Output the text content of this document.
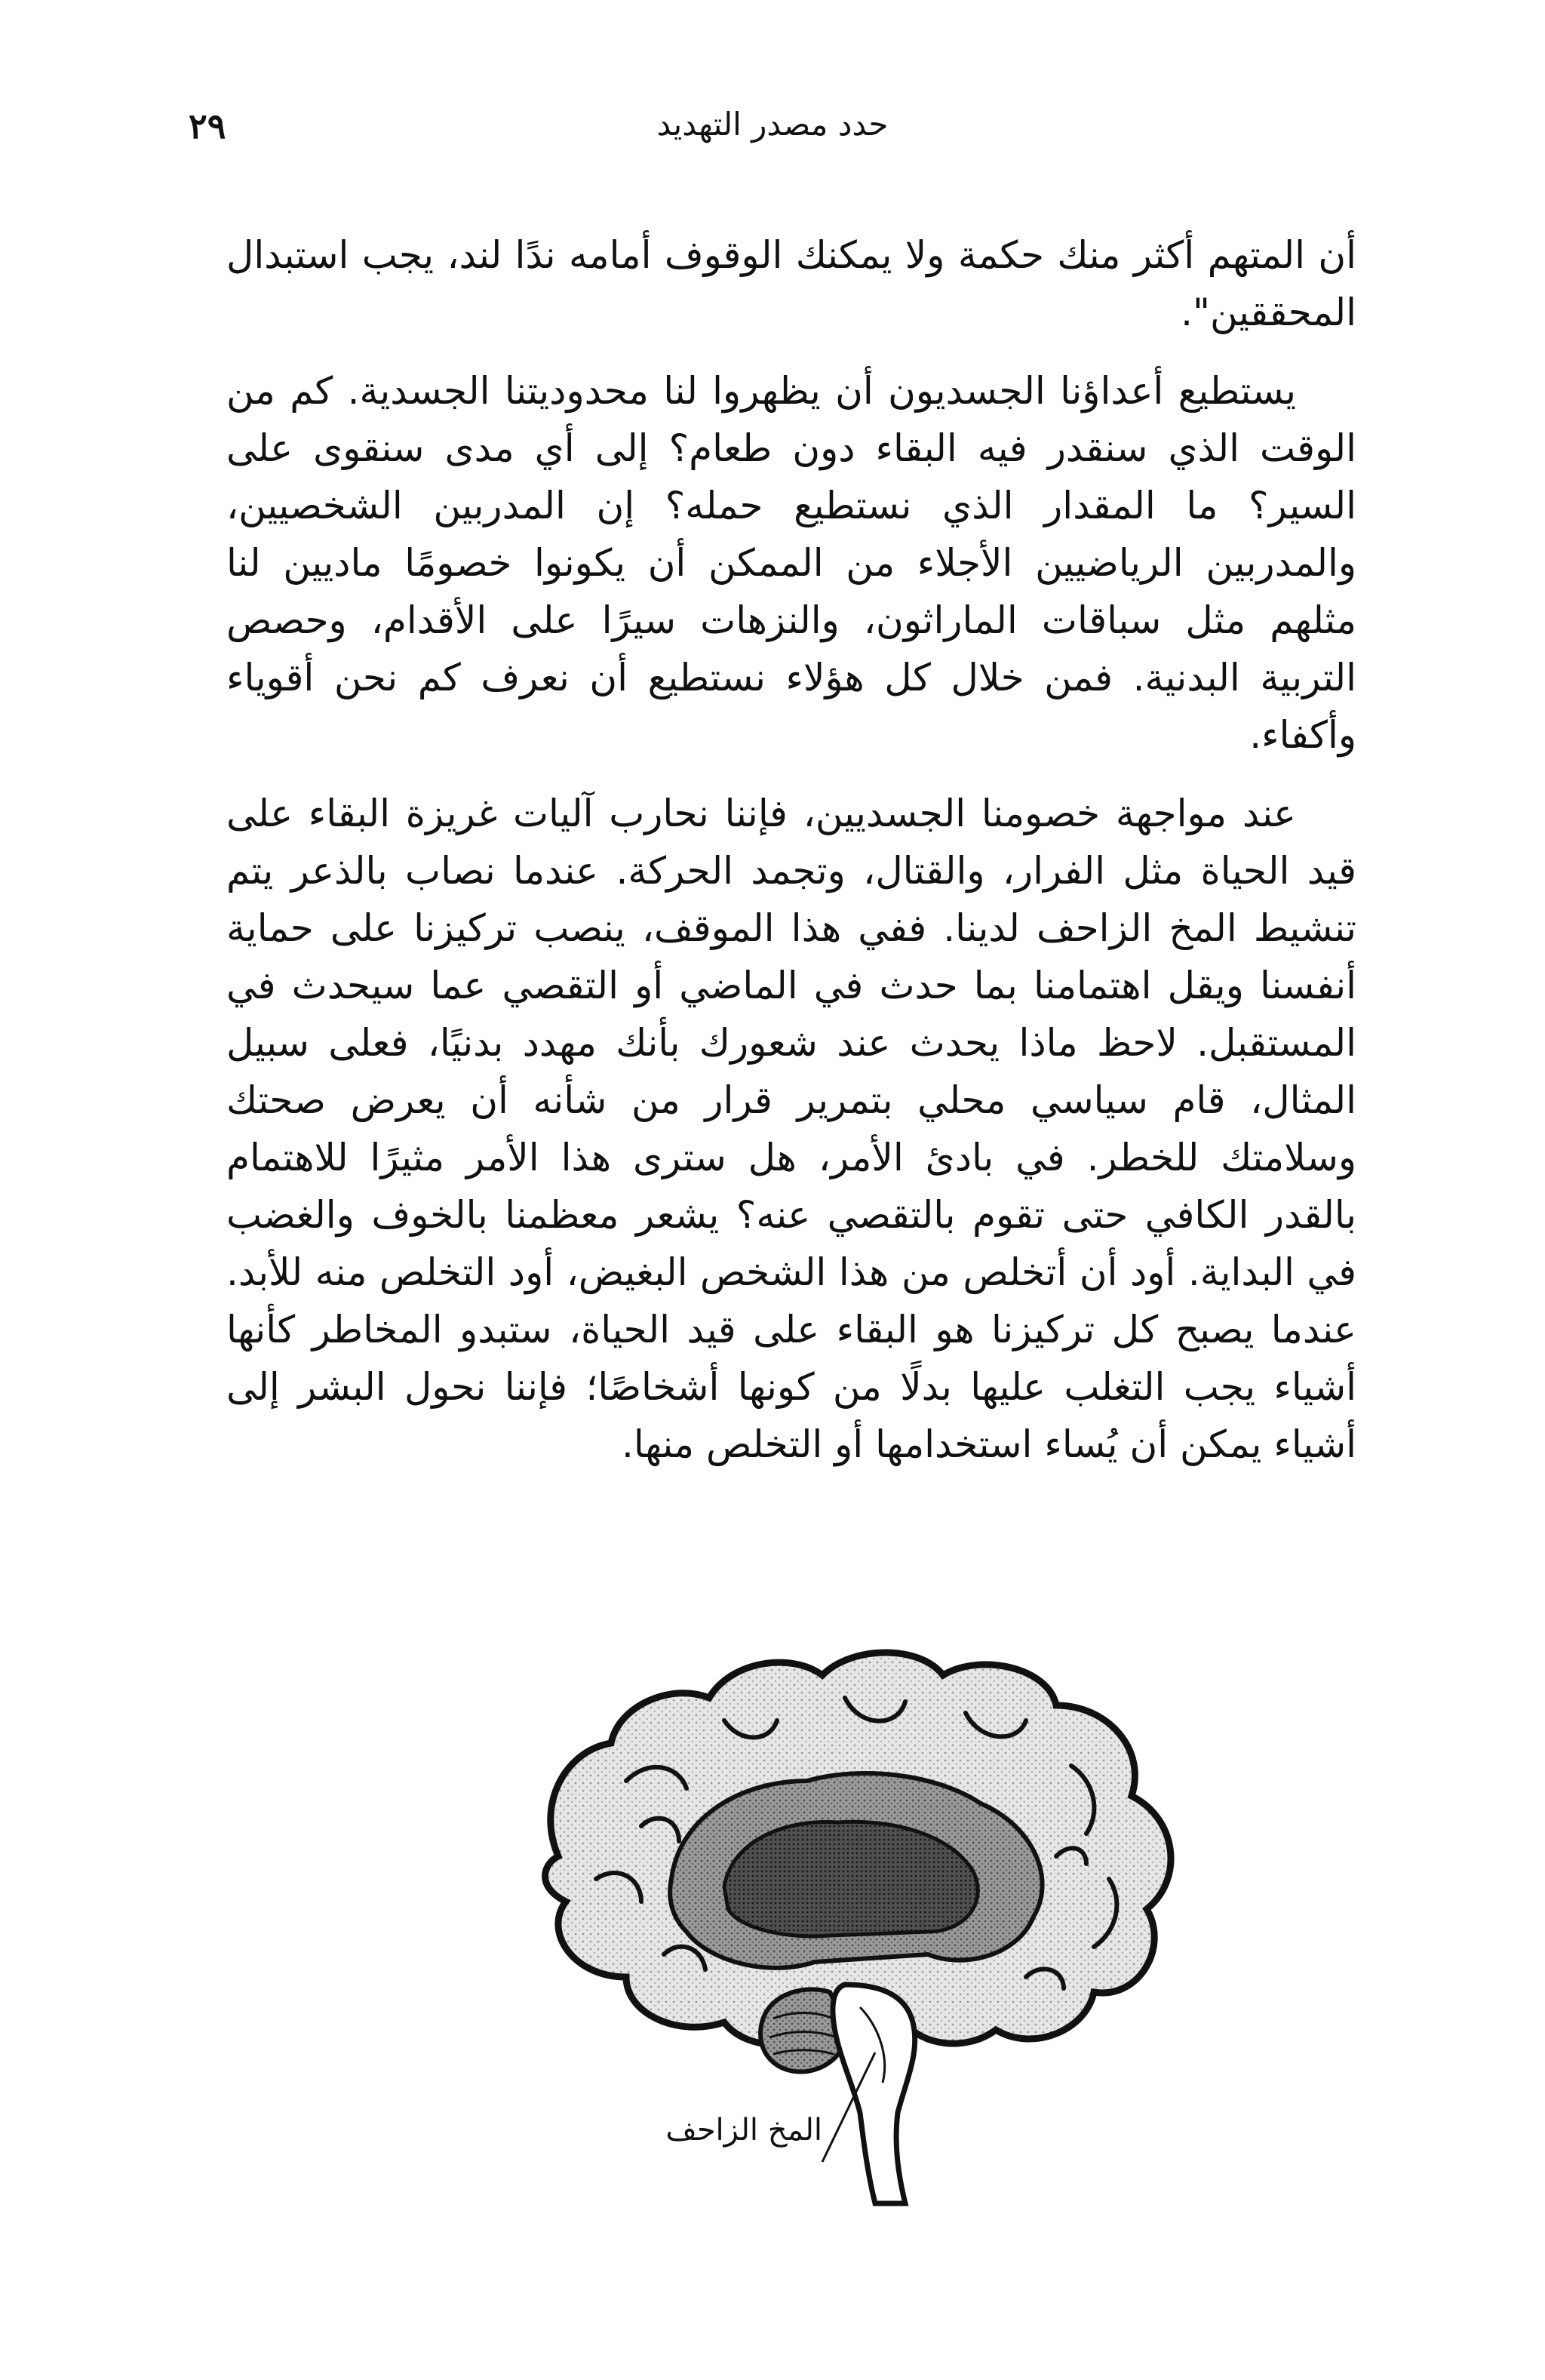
٢٩	حدد مصدر التهديد

أن المتهم أكثر منك حكمة ولا يمكنك الوقوف أمامه ندًا لند، يجب استبدال المحققين".

يستطيع أعداؤنا الجسديون أن يظهروا لنا محدوديتنا الجسدية. كم من الوقت الذي سنقدر فيه البقاء دون طعام؟ إلى أي مدى سنقوى على السير؟ ما المقدار الذي نستطيع حمله؟ إن المدربين الشخصيين، والمدربين الرياضيين الأجلاء من الممكن أن يكونوا خصومًا ماديين لنا مثلهم مثل سباقات الماراثون، والنزهات سيرًا على الأقدام، وحصص التربية البدنية. فمن خلال كل هؤلاء نستطيع أن نعرف كم نحن أقوياء وأكفاء.

عند مواجهة خصومنا الجسديين، فإننا نحارب آليات غريزة البقاء على قيد الحياة مثل الفرار، والقتال، وتجمد الحركة. عندما نصاب بالذعر يتم تنشيط المخ الزاحف لدينا. ففي هذا الموقف، ينصب تركيزنا على حماية أنفسنا ويقل اهتمامنا بما حدث في الماضي أو التقصي عما سيحدث في المستقبل. لاحظ ماذا يحدث عند شعورك بأنك مهدد بدنيًا، فعلى سبيل المثال، قام سياسي محلي بتمرير قرار من شأنه أن يعرض صحتك وسلامتك للخطر. في بادئ الأمر، هل سترى هذا الأمر مثيرًا للاهتمام بالقدر الكافي حتى تقوم بالتقصي عنه؟ يشعر معظمنا بالخوف والغضب في البداية. أود أن أتخلص من هذا الشخص البغيض، أود التخلص منه للأبد. عندما يصبح كل تركيزنا هو البقاء على قيد الحياة، ستبدو المخاطر كأنها أشياء يجب التغلب عليها بدلًا من كونها أشخاصًا؛ فإننا نحول البشر إلى أشياء يمكن أن يُساء استخدامها أو التخلص منها.

المخ الزاحف
